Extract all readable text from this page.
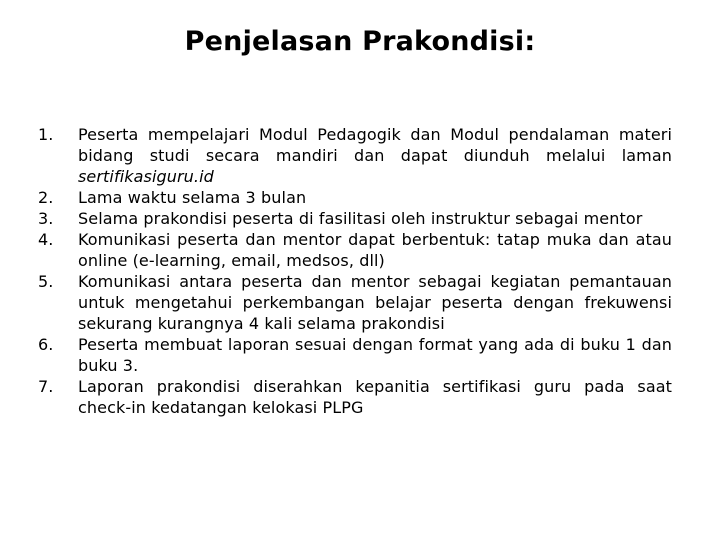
Penjelasan Prakondisi:
1.	Peserta mempelajari Modul Pedagogik dan Modul pendalaman materi bidang studi secara mandiri dan dapat diunduh melalui laman sertifikasiguru.id
2.	Lama waktu selama 3 bulan
3.	Selama prakondisi peserta di fasilitasi oleh instruktur sebagai mentor
4.	Komunikasi peserta dan mentor dapat berbentuk: tatap muka dan atau online (e-learning, email, medsos, dll)
5.	Komunikasi antara peserta dan mentor sebagai kegiatan pemantauan untuk mengetahui perkembangan belajar peserta dengan frekuwensi sekurang kurangnya 4 kali selama prakondisi
6.	Peserta membuat laporan sesuai dengan format yang ada di buku 1 dan buku 3.
7.	Laporan prakondisi diserahkan kepanitia sertifikasi guru pada saat check-in kedatangan kelokasi PLPG
